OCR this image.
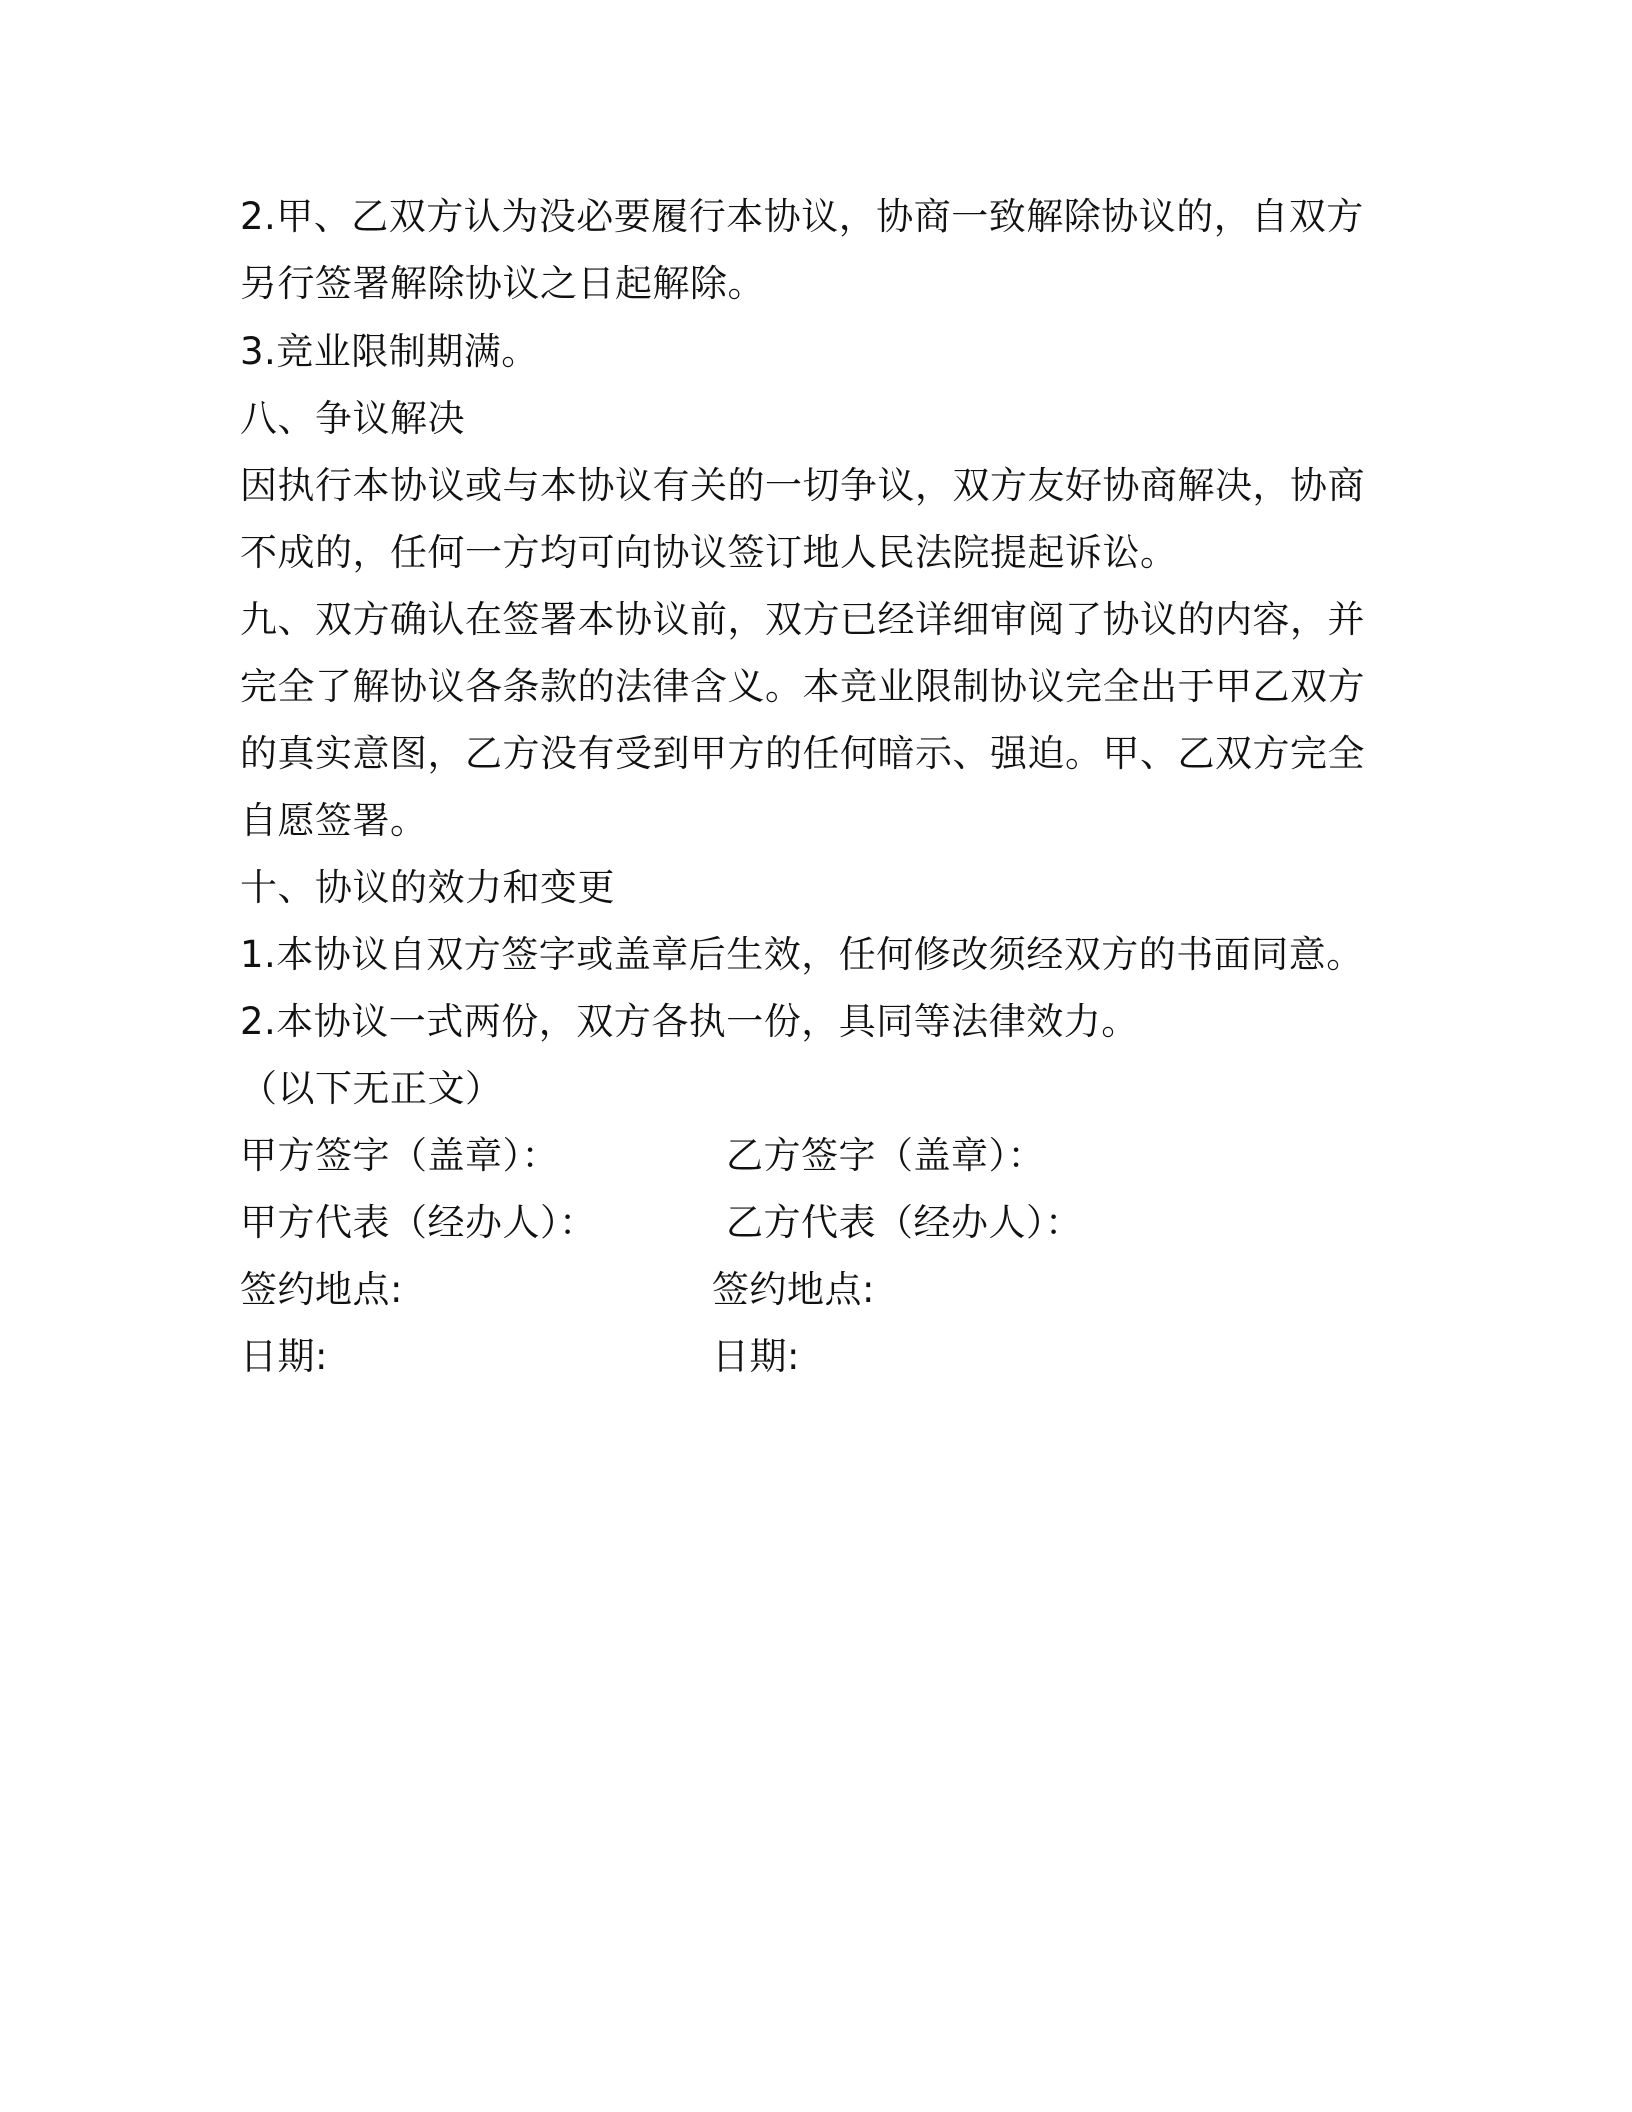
2.甲、乙双方认为没必要履行本协议，协商一致解除协议的，自双方
另行签署解除协议之日起解除。
3.竞业限制期满。
八、争议解决
因执行本协议或与本协议有关的一切争议，双方友好协商解决，协商
不成的，任何一方均可向协议签订地人民法院提起诉讼。
九、双方确认在签署本协议前，双方已经详细审阅了协议的内容，并
完全了解协议各条款的法律含义。本竞业限制协议完全出于甲乙双方
的真实意图，乙方没有受到甲方的任何暗示、强迫。甲、乙双方完全
自愿签署。
十、协议的效力和变更
1.本协议自双方签字或盖章后生效，任何修改须经双方的书面同意。
2.本协议一式两份，双方各执一份，具同等法律效力。
（以下无正文）
甲方签字（盖章）：	乙方签字（盖章）：
甲方代表（经办人）：	乙方代表（经办人）：
签约地点:	签约地点:
日期:	日期:
